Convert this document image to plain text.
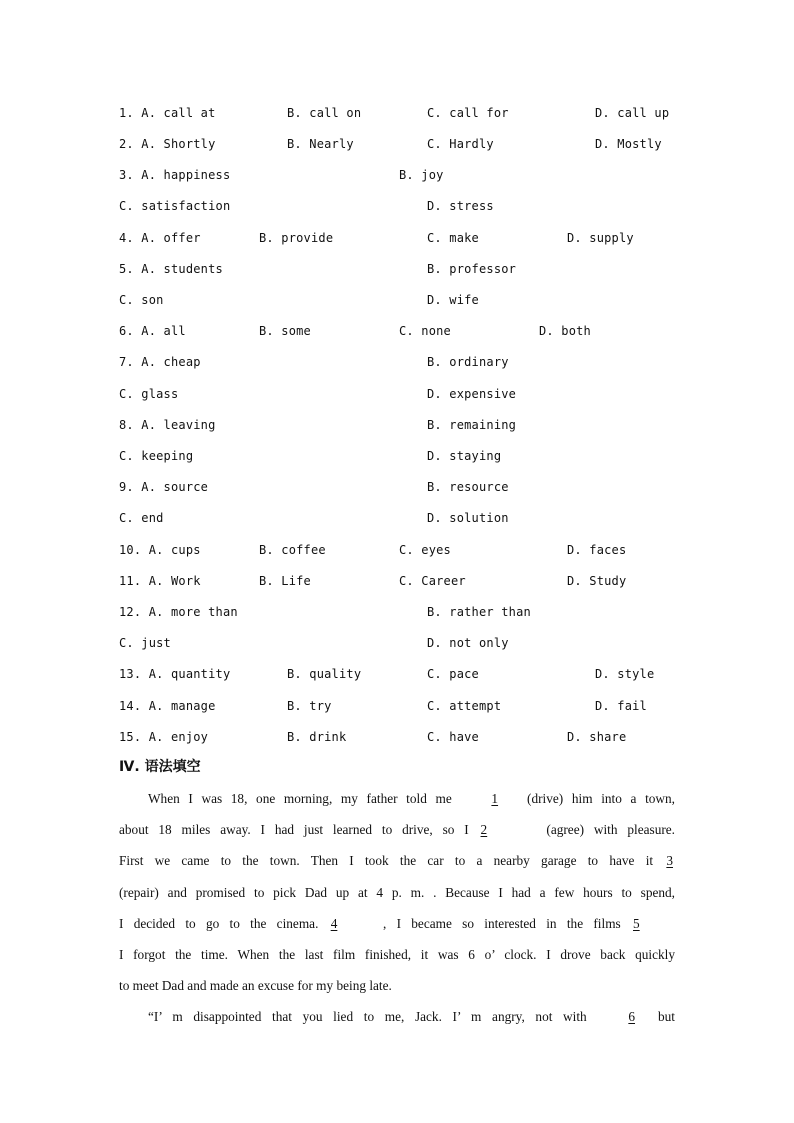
1. A. call at	B. call on	C. call for	D. call up
2. A. Shortly	B. Nearly	C. Hardly	D. Mostly
3. A. happiness	B. joy
C. satisfaction	D. stress
4. A. offer	B. provide	C. make	D. supply
5. A. students	B. professor
C. son	D. wife
6. A. all	B. some	C. none	D. both
7. A. cheap	B. ordinary
C. glass	D. expensive
8. A. leaving	B. remaining
C. keeping	D. staying
9. A. source	B. resource
C. end	D. solution
10. A. cups	B. coffee	C. eyes	D. faces
11. A. Work	B. Life	C. Career	D. Study
12. A. more than	B. rather than
C. just	D. not only
13. A. quantity	B. quality	C. pace	D. style
14. A. manage	B. try	C. attempt	D. fail
15. A. enjoy	B. drink	C. have	D. share
Ⅳ. 语法填空
When I was 18, one morning, my father told me 1 (drive) him into a town,
about 18 miles away. I had just learned to drive, so I 2	(agree) with pleasure.
First we came to the town. Then I took the car to a nearby garage to have it 3
(repair) and promised to pick Dad up at 4 p. m. . Because I had a few hours to spend,
I decided to go to the cinema. 4	, I became so interested in the films 5
I forgot the time. When the last film finished, it was 6 o’ clock. I drove back quickly
to meet Dad and made an excuse for my being late.
“I’ m disappointed that you lied to me, Jack. I’ m angry, not with 6 but
